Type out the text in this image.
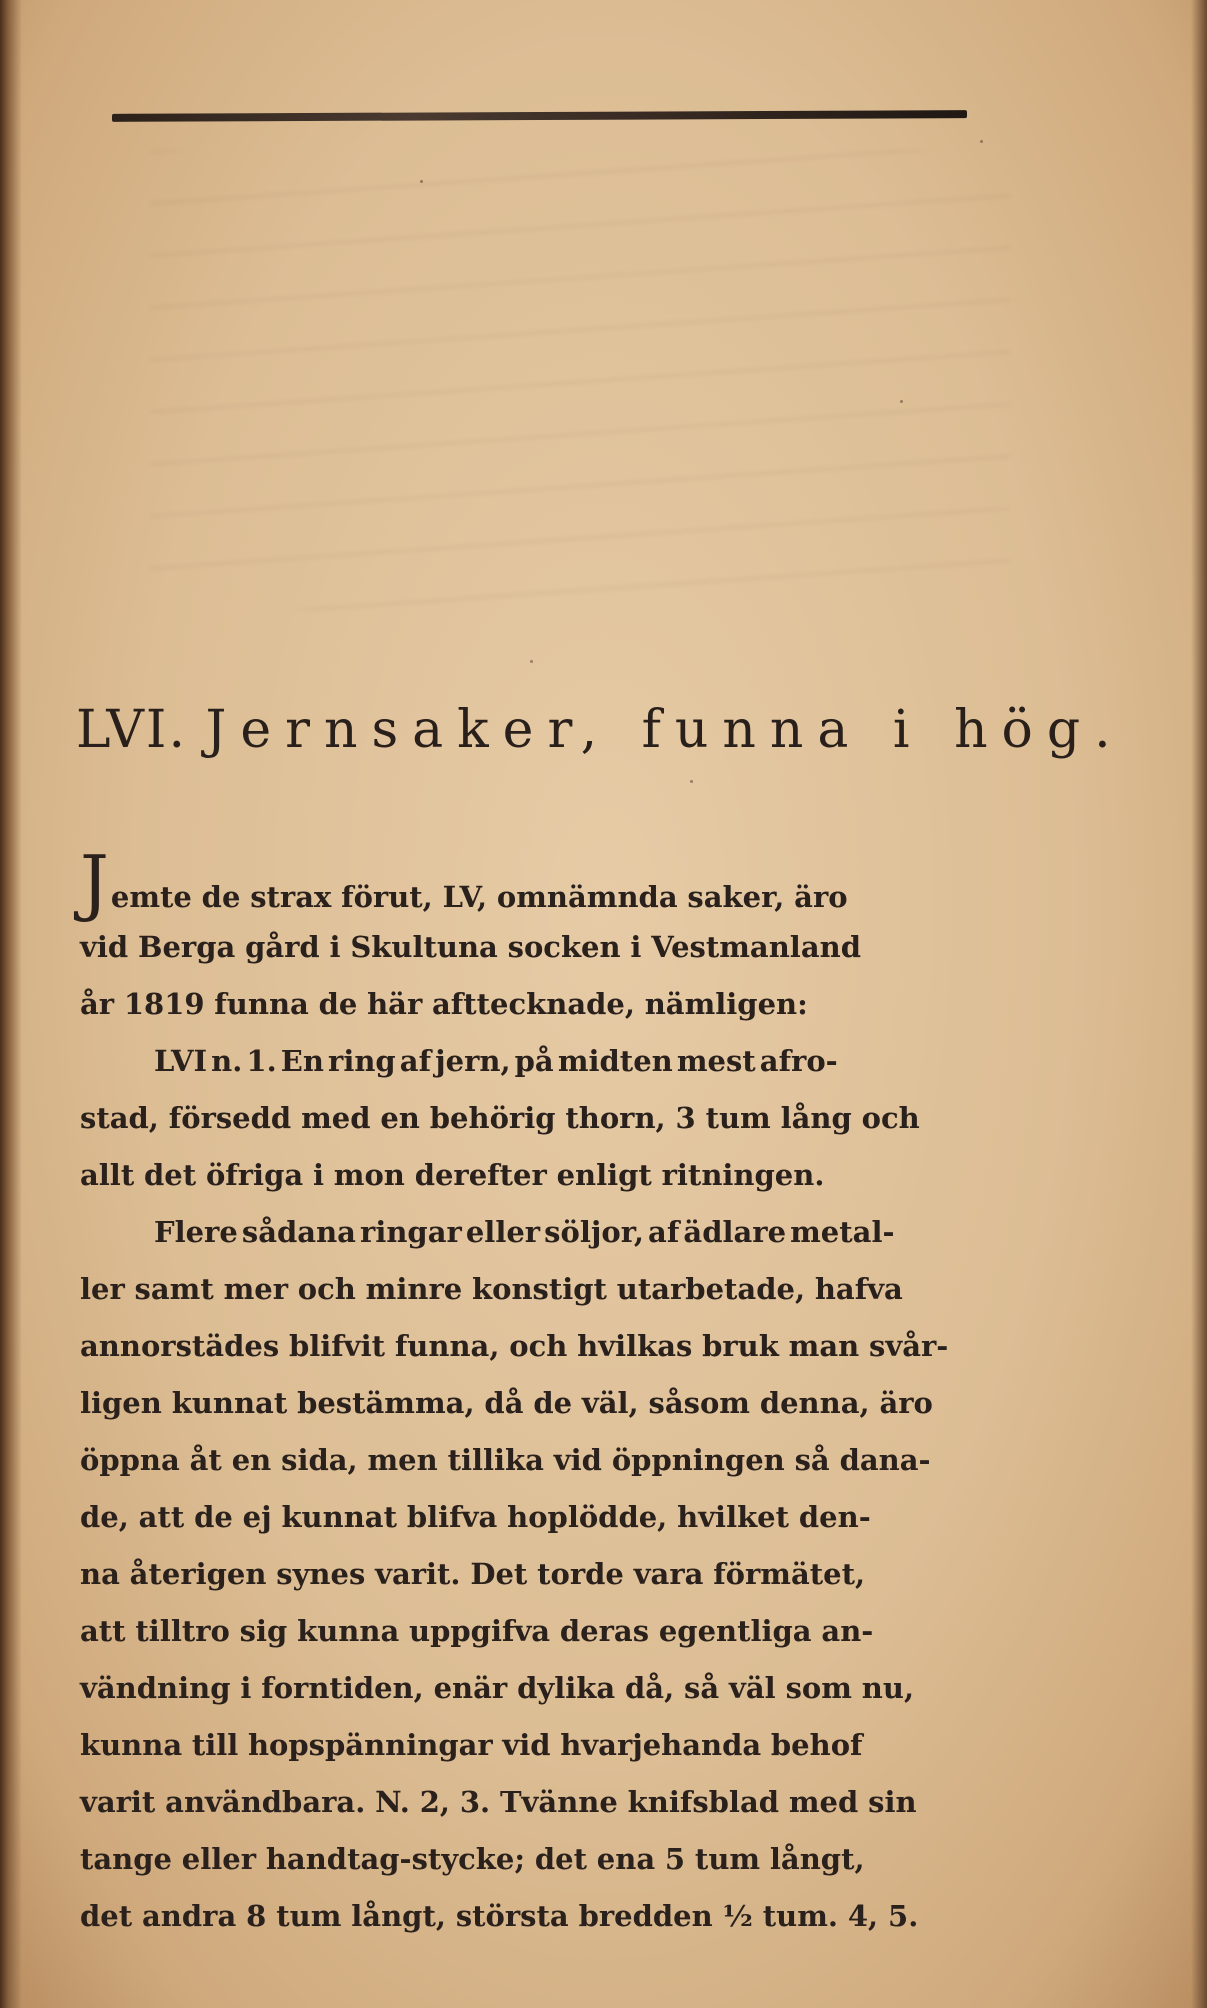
LVI. Jernsaker, funna i hög.
Jemte de strax förut, LV, omnämnda saker, äro
vid Berga gård i Skultuna socken i Vestmanland
år 1819 funna de här afttecknade, nämligen:
LVI n. 1. En ring af jern, på midten mest afro-
stad, försedd med en behörig thorn, 3 tum lång och
allt det öfriga i mon derefter enligt ritningen.
Flere sådana ringar eller söljor, af ädlare metal-
ler samt mer och minre konstigt utarbetade, hafva
annorstädes blifvit funna, och hvilkas bruk man svår-
ligen kunnat bestämma, då de väl, såsom denna, äro
öppna åt en sida, men tillika vid öppningen så dana-
de, att de ej kunnat blifva hoplödde, hvilket den-
na återigen synes varit. Det torde vara förmätet,
att tilltro sig kunna uppgifva deras egentliga an-
vändning i forntiden, enär dylika då, så väl som nu,
kunna till hopspänningar vid hvarjehanda behof
varit användbara. N. 2, 3. Tvänne knifsblad med sin
tange eller handtag-stycke; det ena 5 tum långt,
det andra 8 tum långt, största bredden ½ tum. 4, 5.
